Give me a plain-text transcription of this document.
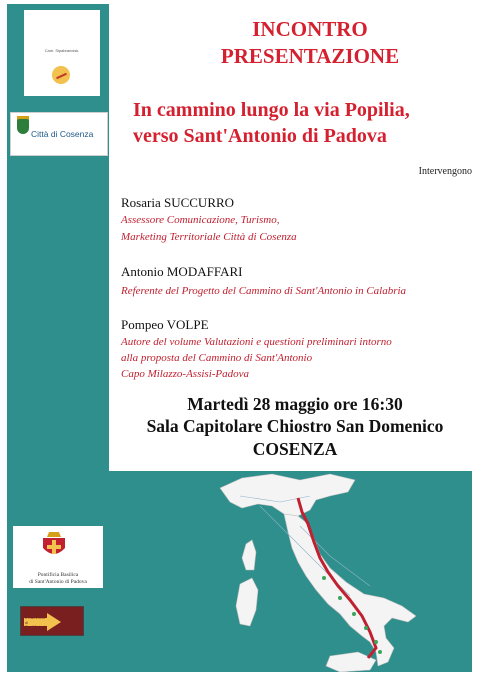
Cam. Sipabrancisk.
Città di Cosenza
Pontificia Basilica
di Sant'Antonio di Padova
Il Cammino di Sant'Antonio
INCONTRO
PRESENTAZIONE
In cammino lungo la via Popilia,
verso Sant'Antonio di Padova
Intervengono
Rosaria SUCCURRO
Assessore Comunicazione, Turismo,
Marketing Territoriale Città di Cosenza
Antonio MODAFFARI
Referente del Progetto del Cammino di Sant'Antonio in Calabria
Pompeo VOLPE
Autore del volume Valutazioni e questioni preliminari intorno
alla proposta del Cammino di Sant'Antonio
Capo Milazzo-Assisi-Padova
Martedì 28 maggio ore 16:30
Sala Capitolare Chiostro San Domenico
COSENZA
